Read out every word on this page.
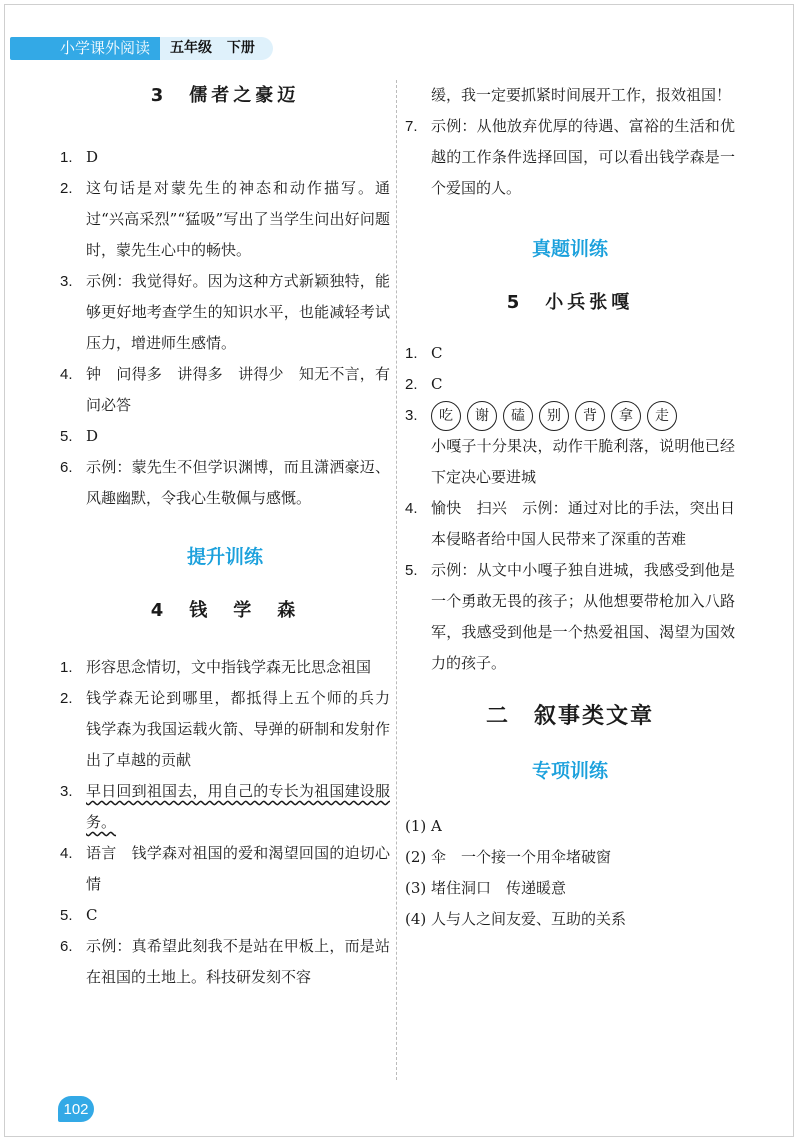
小学课外阅读	五年级 下册

3　儒者之豪迈

1. D
2. 这句话是对蒙先生的神态和动作描写。通过“兴高采烈”“猛吸”写出了当学生问出好问题时，蒙先生心中的畅快。
3. 示例：我觉得好。因为这种方式新颖独特，能够更好地考查学生的知识水平，也能减轻考试压力，增进师生感情。
4. 钟　问得多　讲得多　讲得少　知无不言，有问必答
5. D
6. 示例：蒙先生不但学识渊博，而且潇洒豪迈、风趣幽默，令我心生敬佩与感慨。

提升训练

4　钱　学　森

1. 形容思念情切，文中指钱学森无比思念祖国
2. 钱学森无论到哪里，都抵得上五个师的兵力　钱学森为我国运载火箭、导弹的研制和发射作出了卓越的贡献
3. 早日回到祖国去，用自己的专长为祖国建设服务。
4. 语言　钱学森对祖国的爱和渴望回国的迫切心情
5. C
6. 示例：真希望此刻我不是站在甲板上，而是站在祖国的土地上。科技研发刻不容
缓，我一定要抓紧时间展开工作，报效祖国！
7. 示例：从他放弃优厚的待遇、富裕的生活和优越的工作条件选择回国，可以看出钱学森是一个爱国的人。

真题训练

5　小兵张嘎

1. C
2. C
3.	吃	谢	磕	别	背	拿	走
小嘎子十分果决，动作干脆利落，说明他已经下定决心要进城
4. 愉快　扫兴　示例：通过对比的手法，突出日本侵略者给中国人民带来了深重的苦难
5. 示例：从文中小嘎子独自进城，我感受到他是一个勇敢无畏的孩子；从他想要带枪加入八路军，我感受到他是一个热爱祖国、渴望为国效力的孩子。

二　叙事类文章

专项训练

(1) A

(2) 伞　一个接一个用伞堵破窗

(3) 堵住洞口　传递暖意

(4) 人与人之间友爱、互助的关系

102
